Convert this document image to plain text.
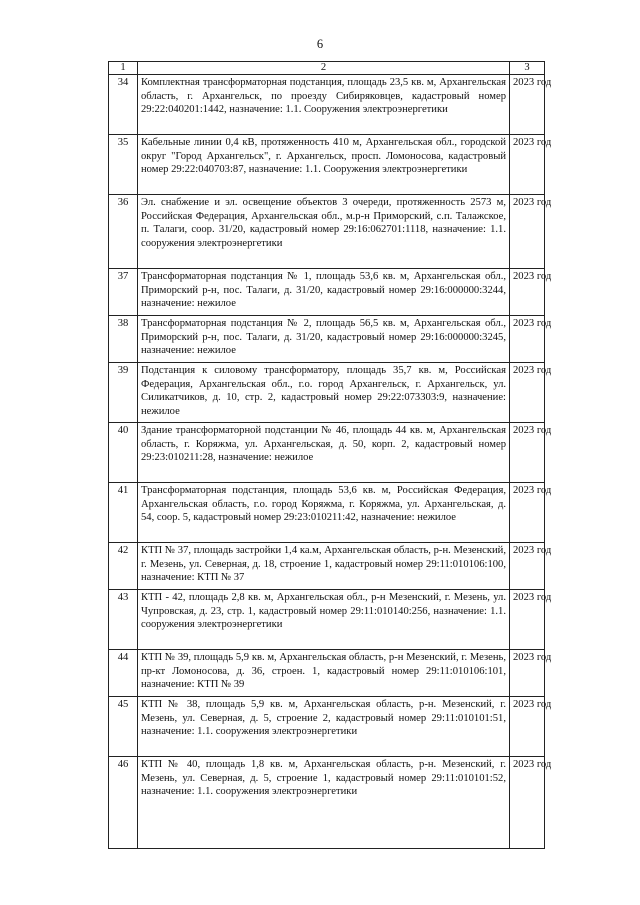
6
1	2	3
34	Комплектная трансформаторная подстанция, площадь 23,5 кв. м, Архангельская область, г. Архангельск, по проезду Сибиряковцев, кадастровый номер 29:22:040201:1442, назначение: 1.1. Сооружения электроэнергетики	2023 год
35	Кабельные линии 0,4 кВ, протяженность 410 м, Архангельская обл., городской округ "Город Архангельск", г. Архангельск, просп. Ломоносова, кадастровый номер 29:22:040703:87, назначение: 1.1. Сооружения электроэнергетики	2023 год
36	Эл. снабжение и эл. освещение объектов 3 очереди, протяженность 2573 м, Российская Федерация, Архангельская обл., м.р-н Приморский, с.п. Талажское, п. Талаги, соор. 31/20, кадастровый номер 29:16:062701:1118, назначение: 1.1. сооружения электроэнергетики	2023 год
37	Трансформаторная подстанция № 1, площадь 53,6 кв. м, Архангельская обл., Приморский р-н, пос. Талаги, д. 31/20, кадастровый номер 29:16:000000:3244, назначение: нежилое	2023 год
38	Трансформаторная подстанция № 2, площадь 56,5 кв. м, Архангельская обл., Приморский р-н, пос. Талаги, д. 31/20, кадастровый номер 29:16:000000:3245, назначение: нежилое	2023 год
39	Подстанция к силовому трансформатору, площадь 35,7 кв. м, Российская Федерация, Архангельская обл., г.о. город Архангельск, г. Архангельск, ул. Силикатчиков, д. 10, стр. 2, кадастровый номер 29:22:073303:9, назначение: нежилое	2023 год
40	Здание трансформаторной подстанции № 46, площадь 44 кв. м, Архангельская область, г. Коряжма, ул. Архангельская, д. 50, корп. 2, кадастровый номер 29:23:010211:28, назначение: нежилое	2023 год
41	Трансформаторная подстанция, площадь 53,6 кв. м, Российская Федерация, Архангельская область, г.о. город Коряжма, г. Коряжма, ул. Архангельская, д. 54, соор. 5, кадастровый номер 29:23:010211:42, назначение: нежилое	2023 год
42	КТП № 37, площадь застройки 1,4 ка.м, Архангельская область, р-н. Мезенский, г. Мезень, ул. Северная, д. 18, строение 1, кадастровый номер 29:11:010106:100, назначение: КТП № 37	2023 год
43	КТП - 42, площадь 2,8 кв. м, Архангельская обл., р-н Мезенский, г. Мезень, ул. Чупровская, д. 23, стр. 1, кадастровый номер 29:11:010140:256, назначение: 1.1. сооружения электроэнергетики	2023 год
44	КТП № 39, площадь 5,9 кв. м, Архангельская область, р-н Мезенский, г. Мезень, пр-кт Ломоносова, д. 36, строен. 1, кадастровый номер 29:11:010106:101, назначение: КТП № 39	2023 год
45	КТП № 38, площадь 5,9 кв. м, Архангельская область, р-н. Мезенский, г. Мезень, ул. Северная, д. 5, строение 2, кадастровый номер 29:11:010101:51, назначение: 1.1. сооружения электроэнергетики	2023 год
46	КТП № 40, площадь 1,8 кв. м, Архангельская область, р-н. Мезенский, г. Мезень, ул. Северная, д. 5, строение 1, кадастровый номер 29:11:010101:52, назначение: 1.1. сооружения электроэнергетики	2023 год
